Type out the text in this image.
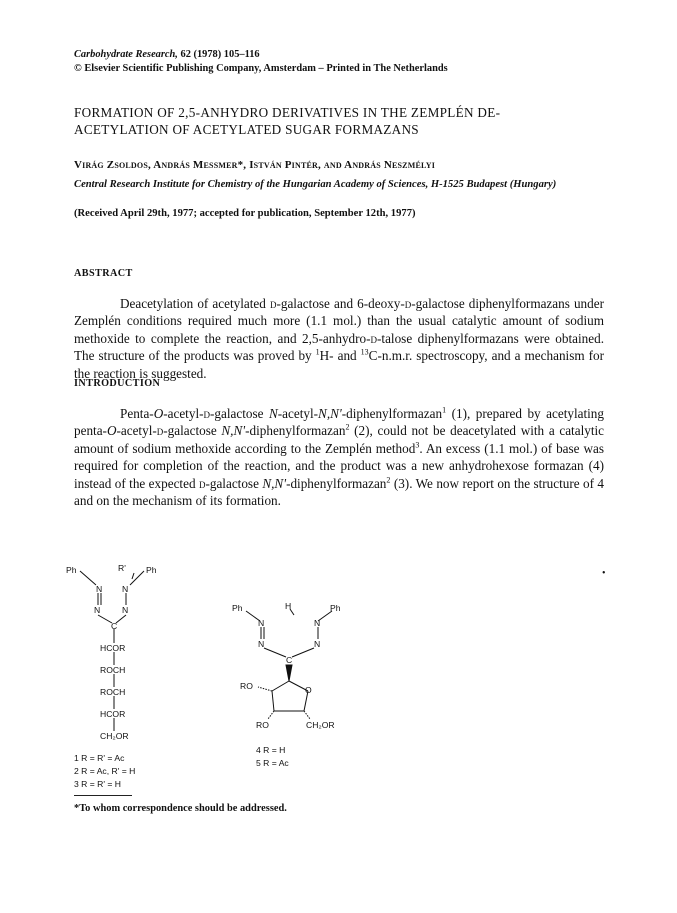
Carbohydrate Research, 62 (1978) 105–116
© Elsevier Scientific Publishing Company, Amsterdam – Printed in The Netherlands
FORMATION OF 2,5-ANHYDRO DERIVATIVES IN THE ZEMPLÉN DE-
ACETYLATION OF ACETYLATED SUGAR FORMAZANS
Virág Zsoldos, András Messmer*, István Pintér, and András Neszmélyi
Central Research Institute for Chemistry of the Hungarian Academy of Sciences, H-1525 Budapest (Hungary)
(Received April 29th, 1977; accepted for publication, September 12th, 1977)
ABSTRACT
Deacetylation of acetylated d-galactose and 6-deoxy-d-galactose diphenylformazans under Zemplén conditions required much more (1.1 mol.) than the usual catalytic amount of sodium methoxide to complete the reaction, and 2,5-anhydro-d-talose diphenylformazans were obtained. The structure of the products was proved by $^1$H- and $^{13}$C-n.m.r. spectroscopy, and a mechanism for the reaction is suggested.
INTRODUCTION
Penta-O-acetyl-d-galactose N-acetyl-N,N'-diphenylformazan$^1$ (1), prepared by acetylating penta-O-acetyl-d-galactose N,N'-diphenylformazan$^2$ (2), could not be deacetylated with a catalytic amount of sodium methoxide according to the Zemplén method$^3$. An excess (1.1 mol.) of base was required for completion of the reaction, and the product was a new anhydrohexose formazan (4) instead of the expected d-galactose N,N'-diphenylformazan$^2$ (3). We now report on the structure of 4 and on the mechanism of its formation.
•
Ph	R' Ph
N N
N	N
C
HCOR
ROCH
ROCH
HCOR
CH₂OR
1 R = R' = Ac
2 R = Ac, R' = H
3 R = R' = H
Ph	H	Ph
N	N
N	N
C
RO	O
RO	CH₂OR
4 R = H
5 R = Ac
*To whom correspondence should be addressed.
